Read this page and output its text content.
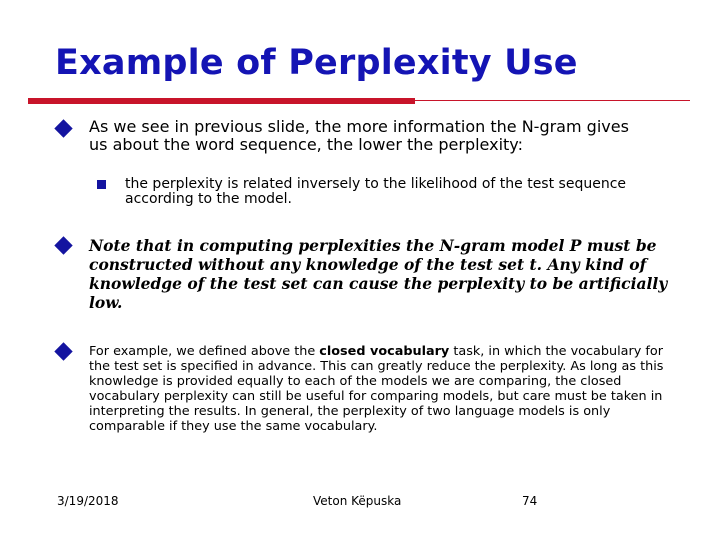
Example of Perplexity Use
As we see in previous slide, the more information the N-gram gives us about the word sequence, the lower the perplexity:
the perplexity is related inversely to the likelihood of the test sequence according to the model.
Note that in computing perplexities the N-gram model P must be constructed without any knowledge of the test set t. Any kind of knowledge of the test set can cause the perplexity to be artificially low.
For example, we defined above the closed vocabulary task, in which the vocabulary for the test set is specified in advance. This can greatly reduce the perplexity. As long as this knowledge is provided equally to each of the models we are comparing, the closed vocabulary perplexity can still be useful for comparing models, but care must be taken in interpreting the results. In general, the perplexity of two language models is only comparable if they use the same vocabulary.
3/19/2018	Veton Këpuska	74
